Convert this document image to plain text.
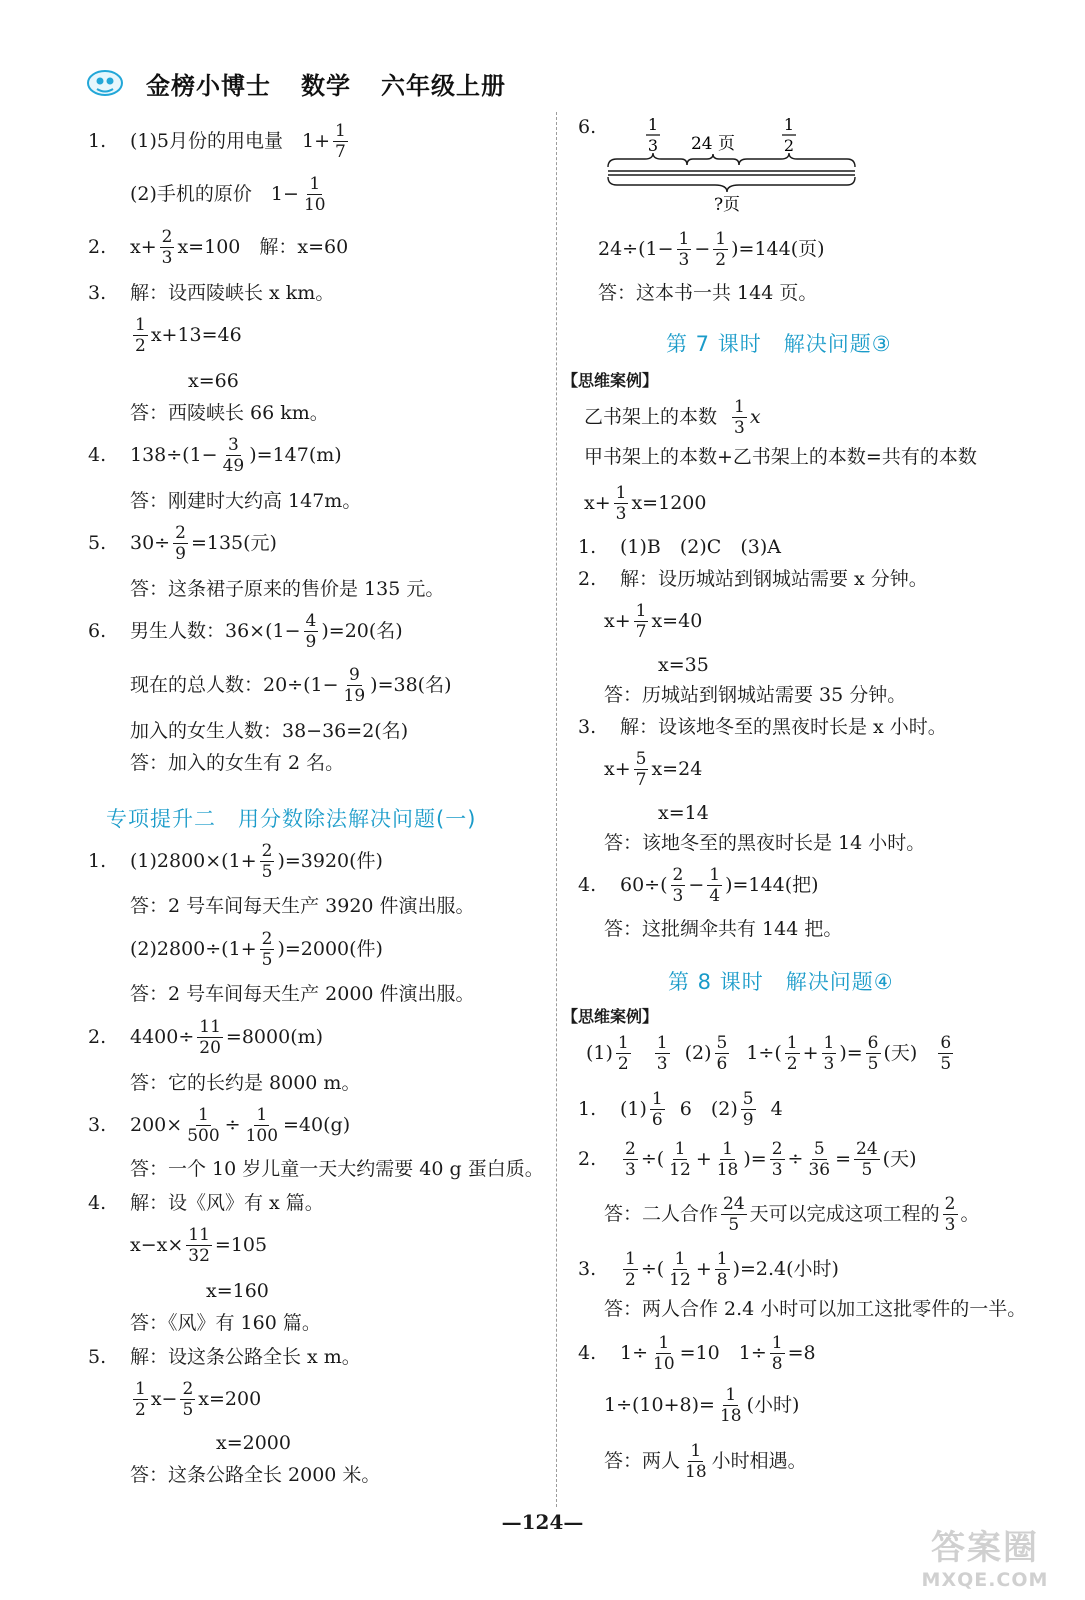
金榜小博士 数学 六年级上册
1.	(1)5月份的用电量　$1+ \frac{1}{7}$
(2)手机的原价　$1- \frac{1}{10}$
2.	$x+ \frac{2}{3} x=100$　解：x=60
3.	解：设西陵峡长 x km。
$\frac{1}{2} x+13=46$
x=66
答：西陵峡长 66 km。
4.	$138\div(1- \frac{3}{49} )=147(m)$
答：刚建时大约高 147m。
5.	$30\div \frac{2}{9} =135$(元)
答：这条裙子原来的售价是 135 元。
6.	男生人数：$36\times(1- \frac{4}{9} )=20$(名)
现在的总人数：$20\div(1- \frac{9}{19} )=38$(名)
加入的女生人数：38−36=2(名)
答：加入的女生有 2 名。
专项提升二　用分数除法解决问题(一)
1.	$(1)2800\times(1+ \frac{2}{5} )=3920$(件)
答：2 号车间每天生产 3920 件演出服。
$(2)2800\div(1+ \frac{2}{5} )=2000$(件)
答：2 号车间每天生产 2000 件演出服。
2.	$4400\div \frac{11}{20} =8000(m)$
答：它的长约是 8000 m。
3.	$200\times \frac{1}{500} \div \frac{1}{100} =40(g)$
答：一个 10 岁儿童一天大约需要 40 g 蛋白质。
4.	解：设《风》有 x 篇。
$x-x\times \frac{11}{32} =105$
x=160
答：《风》有 160 篇。
5.	解：设这条公路全长 x m。
$\frac{1}{2} x- \frac{2}{5} x=200$
x=2000
答：这条公路全长 2000 米。
6.	1
3 24 页
1
2
?页
$24\div(1- \frac{1}{3} - \frac{1}{2} )=144$(页)
答：这本书一共 144 页。
第 7 课时　解决问题③
【思维案例】
乙书架上的本数 $\frac{1}{3}$ x
甲书架上的本数+乙书架上的本数=共有的本数
$x+ \frac{1}{3} x=1200$
1.	(1)B　(2)C　(3)A
2.	解：设历城站到钢城站需要 x 分钟。
$x+ \frac{1}{7} x=40$
x=35
答：历城站到钢城站需要 35 分钟。
3.	解：设该地冬至的黑夜时长是 x 小时。
$x+ \frac{5}{7} x=24$
x=14
答：该地冬至的黑夜时长是 14 小时。
4.	$60\div( \frac{2}{3} - \frac{1}{4} )=144$(把)
答：这批绸伞共有 144 把。
第 8 课时　解决问题④
【思维案例】
$(1) \frac{1}{2} \frac{1}{3} (2) \frac{5}{6} 1\div( \frac{1}{2} + \frac{1}{3}$ )= $\frac{6}{5}$ (天) $\frac{6}{5}$
1.	$(1) \frac{1}{6} 6$　$(2) \frac{5}{9} 4$
2.	$\frac{2}{3}$ ÷( $\frac{1}{12} + \frac{1}{18}$ )= $\frac{2}{3} \div \frac{5}{36} = \frac{24}{5}$ (天)
答：二人合作 $\frac{24}{5}$ 天可以完成这项工程的 $\frac{2}{3}$ 。
3.	$\frac{1}{2}$ ÷( $\frac{1}{12} + \frac{1}{8} )=2.4$(小时)
答：两人合作 2.4 小时可以加工这批零件的一半。
4.	$1\div \frac{1}{10} =10$　$1\div \frac{1}{8} =8$
$1\div(10+8)= \frac{1}{18}$ (小时)
答：两人 $\frac{1}{18}$ 小时相遇。
—124—
答案圈
MXQE.COM
